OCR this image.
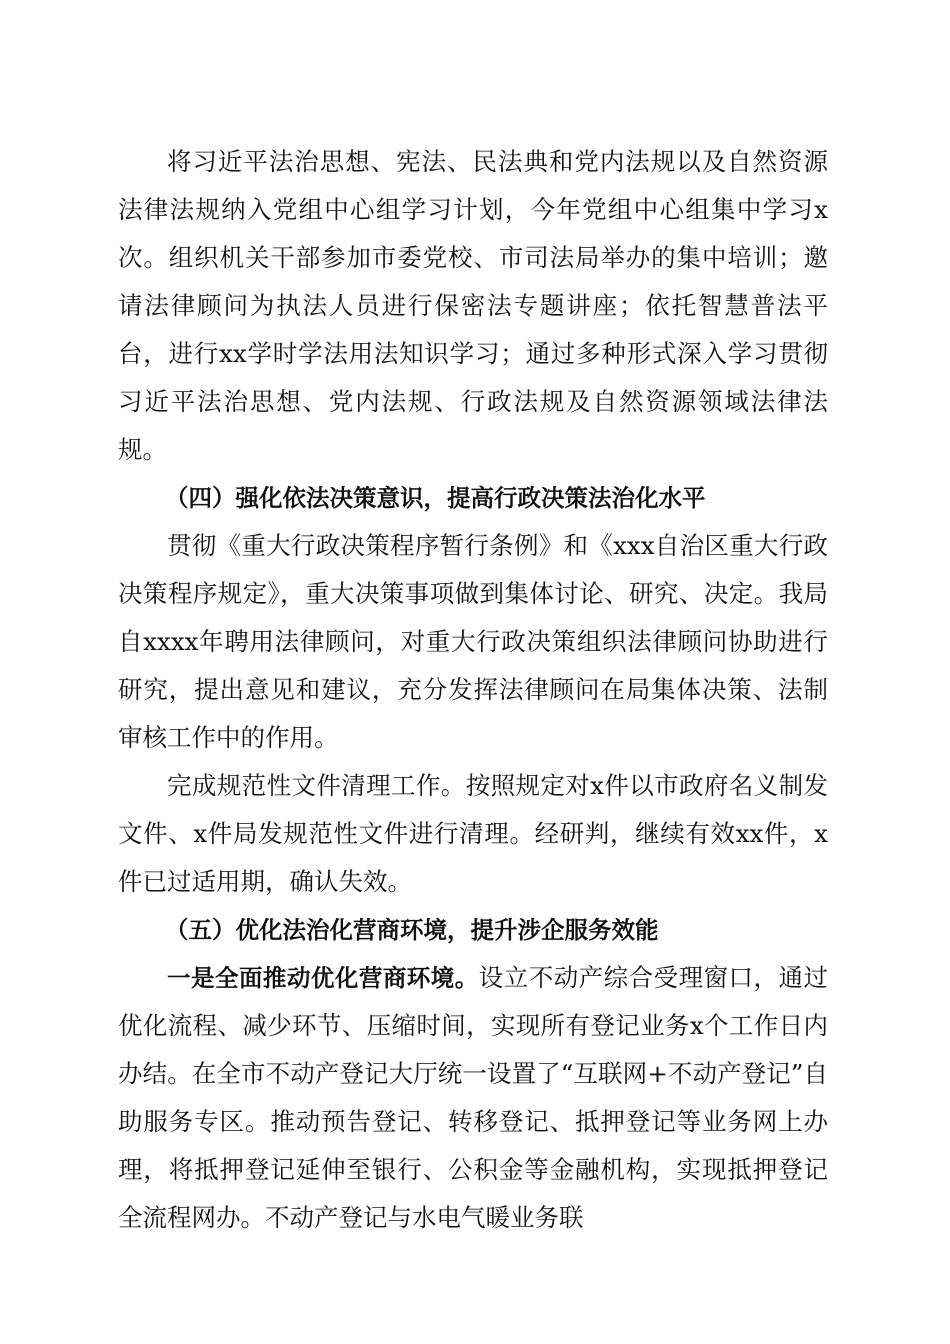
将习近平法治思想、宪法、民法典和党内法规以及自然资源法律法规纳入党组中心组学习计划，今年党组中心组集中学习x次。组织机关干部参加市委党校、市司法局举办的集中培训；邀请法律顾问为执法人员进行保密法专题讲座；依托智慧普法平台，进行xx学时学法用法知识学习；通过多种形式深入学习贯彻习近平法治思想、党内法规、行政法规及自然资源领域法律法规。

（四）强化依法决策意识，提高行政决策法治化水平

贯彻《重大行政决策程序暂行条例》和《xxx自治区重大行政决策程序规定》，重大决策事项做到集体讨论、研究、决定。我局自xxxx年聘用法律顾问，对重大行政决策组织法律顾问协助进行研究，提出意见和建议，充分发挥法律顾问在局集体决策、法制审核工作中的作用。

完成规范性文件清理工作。按照规定对x件以市政府名义制发文件、x件局发规范性文件进行清理。经研判，继续有效xx件，x件已过适用期，确认失效。

（五）优化法治化营商环境，提升涉企服务效能

一是全面推动优化营商环境。设立不动产综合受理窗口，通过优化流程、减少环节、压缩时间，实现所有登记业务x个工作日内办结。在全市不动产登记大厅统一设置了“互联网+不动产登记”自助服务专区。推动预告登记、转移登记、抵押登记等业务网上办理，将抵押登记延伸至银行、公积金等金融机构，实现抵押登记全流程网办。不动产登记与水电气暖业务联
